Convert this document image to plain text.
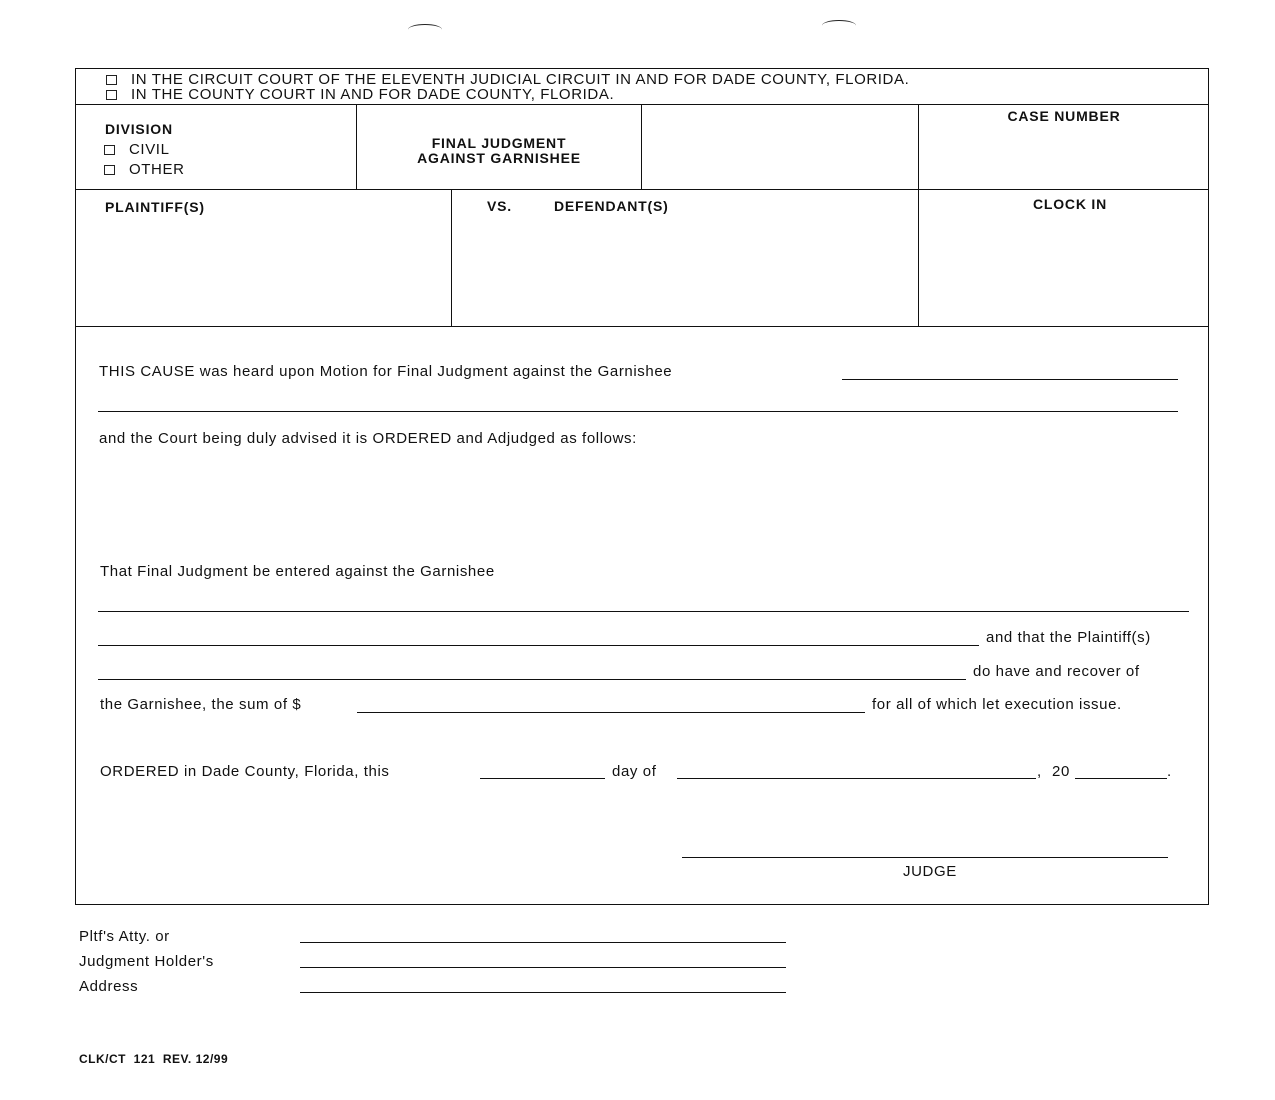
IN THE CIRCUIT COURT OF THE ELEVENTH JUDICIAL CIRCUIT IN AND FOR DADE COUNTY, FLORIDA.
IN THE COUNTY COURT IN AND FOR DADE COUNTY, FLORIDA.
DIVISION
CIVIL
OTHER
FINAL JUDGMENT
AGAINST GARNISHEE
CASE NUMBER
PLAINTIFF(S)	VS.	DEFENDANT(S)	CLOCK IN
THIS CAUSE was heard upon Motion for Final Judgment against the Garnishee
and the Court being duly advised it is ORDERED and Adjudged as follows:
That Final Judgment be entered against the Garnishee
and that the Plaintiff(s)
do have and recover of
the Garnishee, the sum of $	for all of which let execution issue.
ORDERED in Dade County, Florida, this	day of	, 20	.
JUDGE
Pltf's Atty. or
Judgment Holder's
Address
CLK/CT  121  REV. 12/99
